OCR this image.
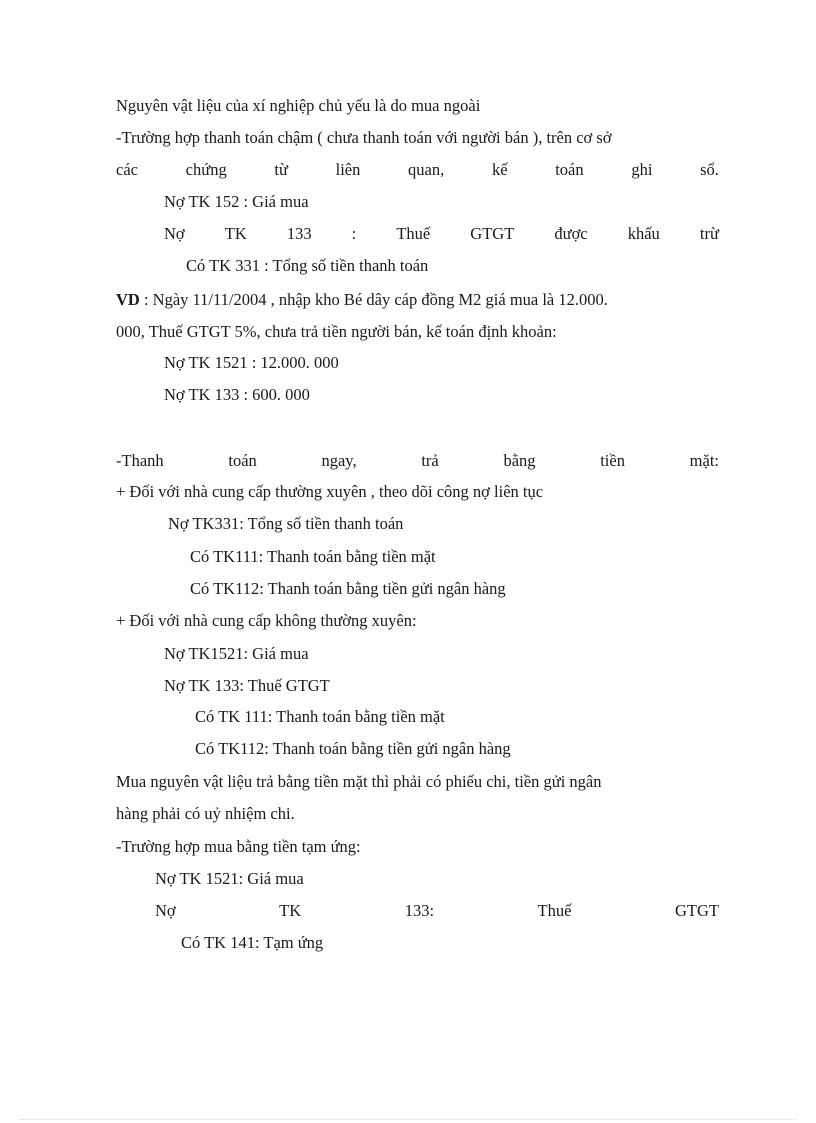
Nguyên vật liệu của xí nghiệp chủ yếu là do mua ngoài
-Trường hợp thanh toán chậm ( chưa thanh toán với người bán ), trên cơ sở
các	chứng	từ	liên	quan,	kế	toán	ghi	sổ.
Nợ TK 152 : Giá mua
Nợ TK 133 : Thuế GTGT được khấu trừ
Có TK 331 : Tổng số tiền thanh toán
VD : Ngày 11/11/2004 , nhập kho Bé dây cáp đồng M2 giá mua là 12.000.
000, Thuế GTGT 5%, chưa trả tiền người bán, kế toán định khoản:
Nợ TK 1521 : 12.000. 000
Nợ TK 133 : 600. 000
-Thanh	toán	ngay,	trả	bằng	tiền	mặt:
+ Đối với nhà cung cấp thường xuyên , theo dõi công nợ liên tục
Nợ TK331: Tổng số tiền thanh toán
Có TK111: Thanh toán bằng tiền mặt
Có TK112: Thanh toán bằng tiền gửi ngân hàng
+ Đối với nhà cung cấp không thường xuyên:
Nợ TK1521: Giá mua
Nợ TK 133: Thuế GTGT
Có TK 111: Thanh toán bằng tiền mặt
Có TK112: Thanh toán bằng tiền gửi ngân hàng
Mua nguyên vật liệu trả bằng tiền mặt thì phải có phiếu chi, tiền gửi ngân
hàng phải có uỷ nhiệm chi.
-Trường hợp mua bằng tiền tạm ứng:
Nợ TK 1521: Giá mua
Nợ	TK	133:	Thuế	GTGT
Có TK 141: Tạm ứng
